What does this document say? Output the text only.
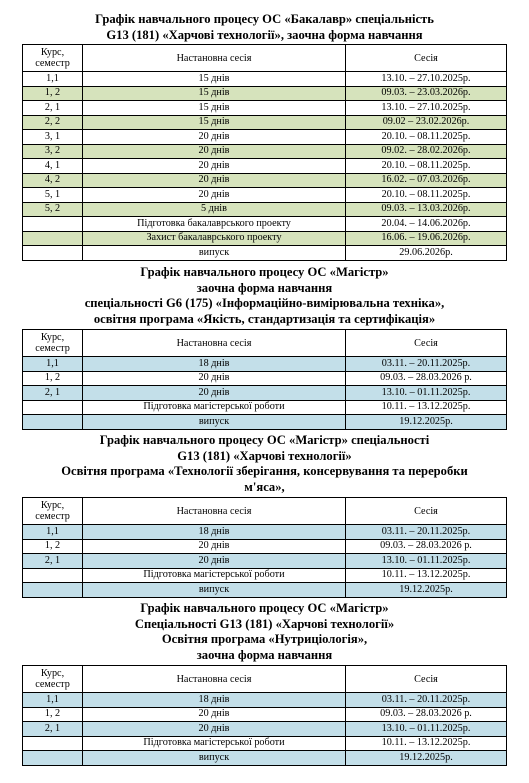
Графік навчального процесу ОС «Бакалавр» спеціальність
G13 (181) «Харчові технології», заочна форма навчання
Курс, семестр	Настановна сесія	Сесія
1,1	15 днів	13.10. – 27.10.2025р.
1, 2	15 днів	09.03. – 23.03.2026р.
2, 1	15 днів	13.10. – 27.10.2025р.
2, 2	15 днів	09.02 – 23.02.2026р.
3, 1	20 днів	20.10. – 08.11.2025р.
3, 2	20 днів	09.02. – 28.02.2026р.
4, 1	20 днів	20.10. – 08.11.2025р.
4, 2	20 днів	16.02. – 07.03.2026р.
5, 1	20 днів	20.10. – 08.11.2025р.
5, 2	5 днів	09.03. – 13.03.2026р.
	Підготовка бакалаврського проекту	20.04. – 14.06.2026р.
	Захист бакалаврського проекту	16.06. – 19.06.2026р.
	випуск	29.06.2026р.
Графік навчального процесу ОС «Магістр»
заочна форма навчання
спеціальності G6 (175) «Інформаційно-вимірювальна техніка»,
освітня програма «Якість, стандартизація та сертифікація»
Курс, семестр	Настановна сесія	Сесія
1,1	18 днів	03.11. – 20.11.2025р.
1, 2	20 днів	09.03. – 28.03.2026 р.
2, 1	20 днів	13.10. – 01.11.2025р.
	Підготовка магістерської роботи	10.11. – 13.12.2025р.
	випуск	19.12.2025р.
Графік навчального процесу ОС «Магістр» спеціальності
G13 (181) «Харчові технології»
Освітня програма «Технології зберігання, консервування та переробки
м'яса»,
Курс, семестр	Настановна сесія	Сесія
1,1	18 днів	03.11. – 20.11.2025р.
1, 2	20 днів	09.03. – 28.03.2026 р.
2, 1	20 днів	13.10. – 01.11.2025р.
	Підготовка магістерської роботи	10.11. – 13.12.2025р.
	випуск	19.12.2025р.
Графік навчального процесу ОС «Магістр»
Спеціальності G13 (181) «Харчові технології»
Освітня програма «Нутриціологія»,
заочна форма навчання
Курс, семестр	Настановна сесія	Сесія
1,1	18 днів	03.11. – 20.11.2025р.
1, 2	20 днів	09.03. – 28.03.2026 р.
2, 1	20 днів	13.10. – 01.11.2025р.
	Підготовка магістерської роботи	10.11. – 13.12.2025р.
	випуск	19.12.2025р.
